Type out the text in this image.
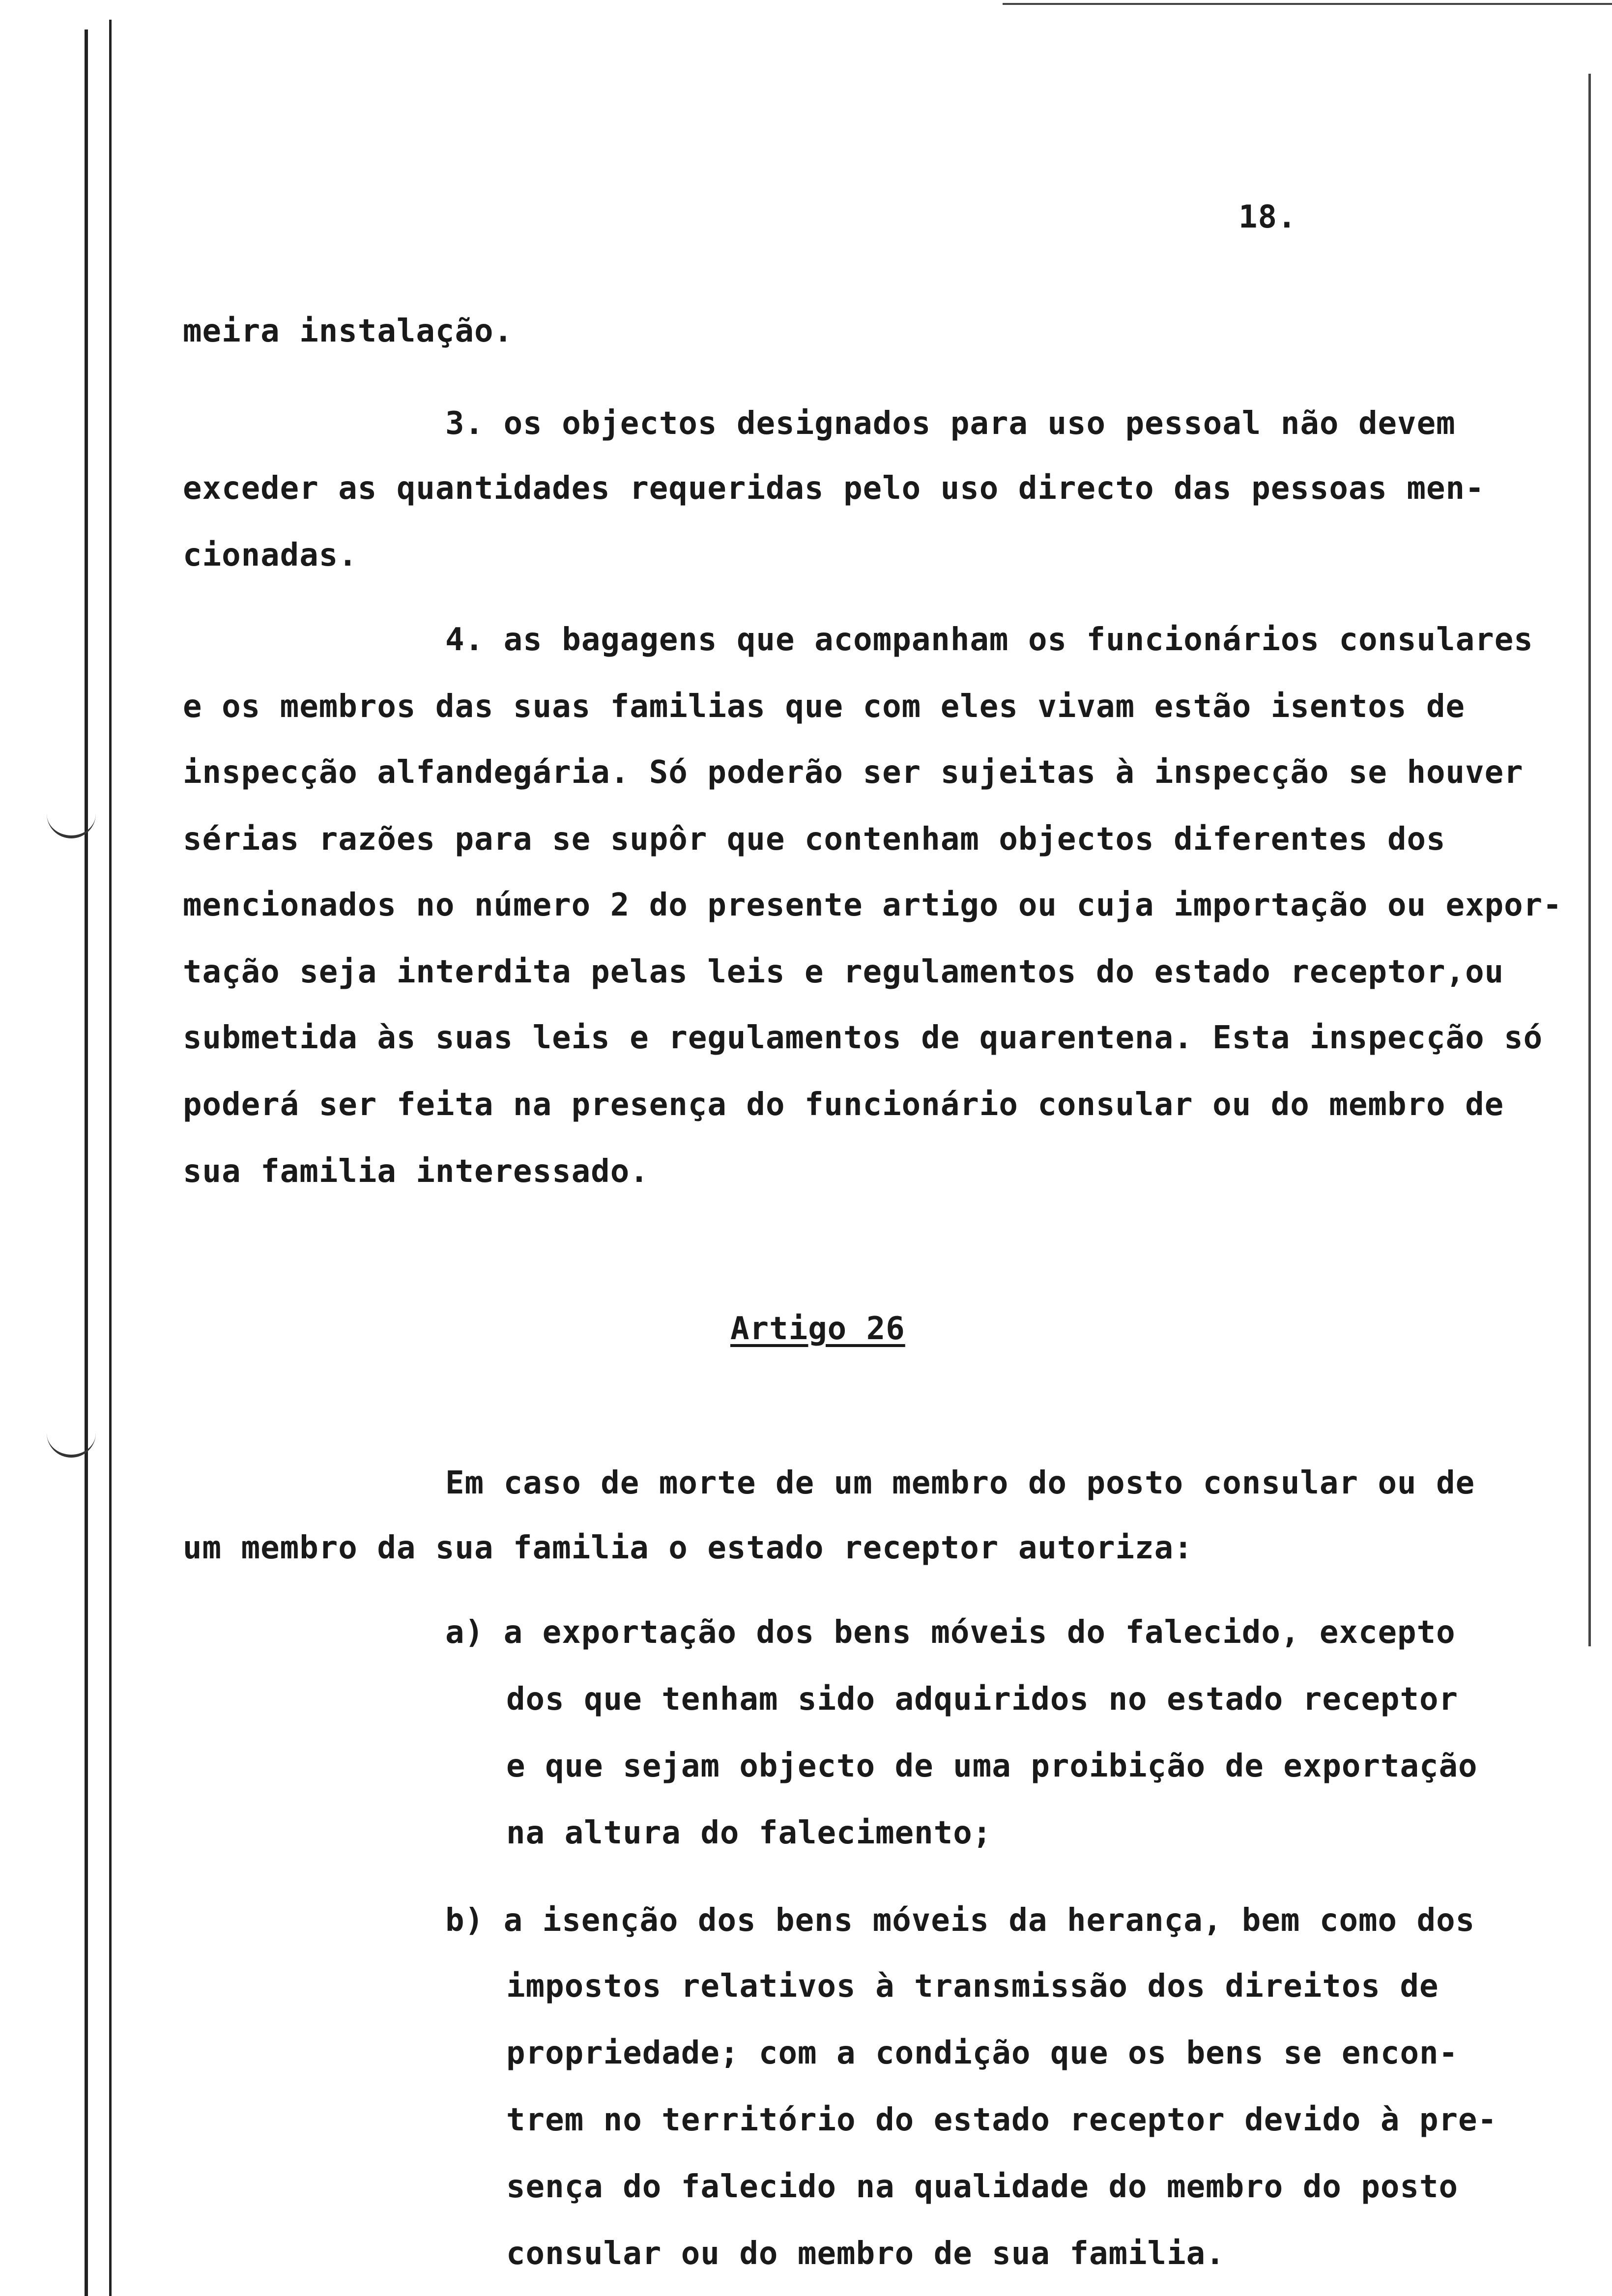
18.
meira instalação.
3. os objectos designados para uso pessoal não devem
exceder as quantidades requeridas pelo uso directo das pessoas men-
cionadas.
4. as bagagens que acompanham os funcionários consulares
e os membros das suas familias que com eles vivam estão isentos de
inspecção alfandegária. Só poderão ser sujeitas à inspecção se houver
sérias razões para se supôr que contenham objectos diferentes dos
mencionados no número 2 do presente artigo ou cuja importação ou expor-
tação seja interdita pelas leis e regulamentos do estado receptor,ou
submetida às suas leis e regulamentos de quarentena. Esta inspecção só
poderá ser feita na presença do funcionário consular ou do membro de
sua familia interessado.
Artigo 26
Em caso de morte de um membro do posto consular ou de
um membro da sua familia o estado receptor autoriza:
a) a exportação dos bens móveis do falecido, excepto
dos que tenham sido adquiridos no estado receptor
e que sejam objecto de uma proibição de exportação
na altura do falecimento;
b) a isenção dos bens móveis da herança, bem como dos
impostos relativos à transmissão dos direitos de
propriedade; com a condição que os bens se encon-
trem no território do estado receptor devido à pre-
sença do falecido na qualidade do membro do posto
consular ou do membro de sua familia.
